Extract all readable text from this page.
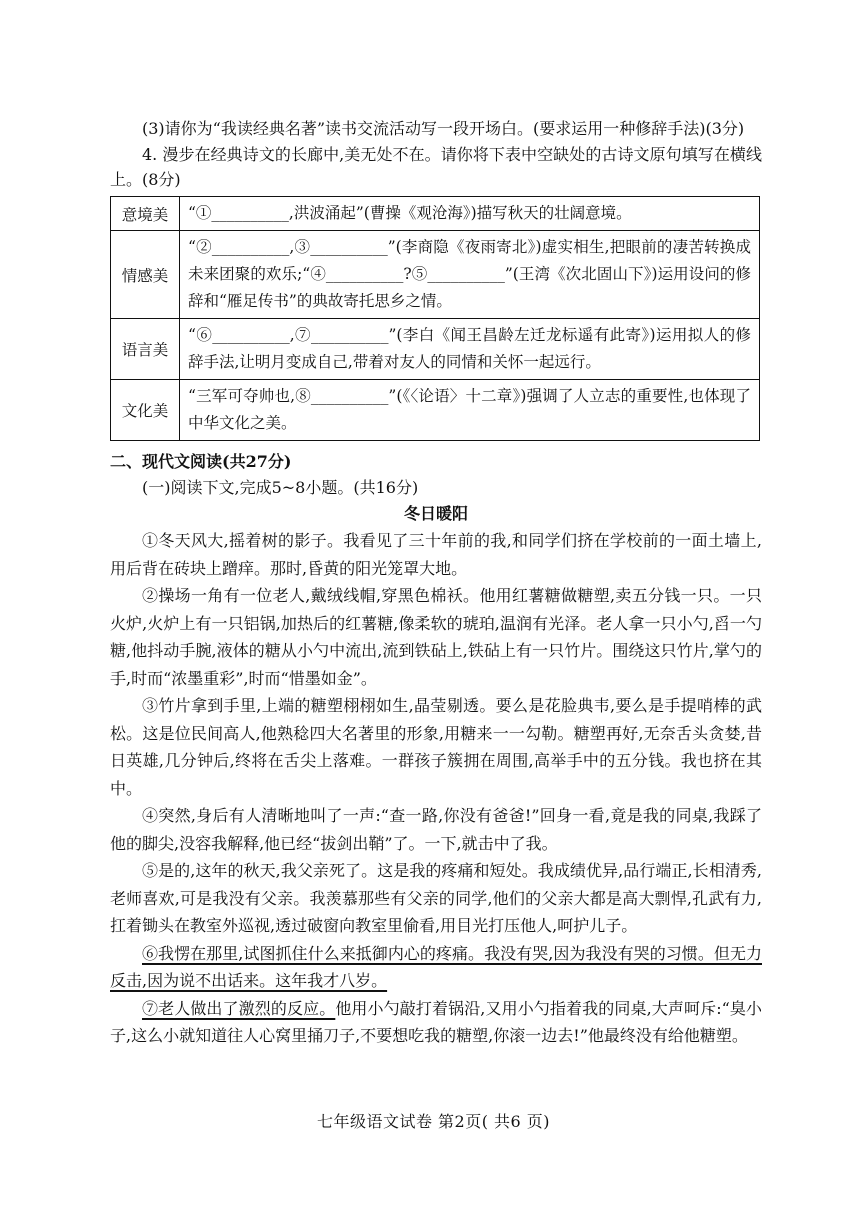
(3)请你为“我读经典名著”读书交流活动写一段开场白。(要求运用一种修辞手法)(3分)

4. 漫步在经典诗文的长廊中,美无处不在。请你将下表中空缺处的古诗文原句填写在横线上。(8分)

意境美	“①__________,洪波涌起”(曹操《观沧海》)描写秋天的壮阔意境。
情感美	“②__________,③__________”(李商隐《夜雨寄北》)虚实相生,把眼前的凄苦转换成未来团聚的欢乐;“④__________?⑤__________”(王湾《次北固山下》)运用设问的修辞和“雁足传书”的典故寄托思乡之情。
语言美	“⑥__________,⑦__________”(李白《闻王昌龄左迁龙标遥有此寄》)运用拟人的修辞手法,让明月变成自己,带着对友人的同情和关怀一起远行。
文化美	“三军可夺帅也,⑧__________”(《〈论语〉十二章》)强调了人立志的重要性,也体现了中华文化之美。
二、现代文阅读(共27分)
(一)阅读下文,完成5~8小题。(共16分)
冬日暖阳

①冬天风大,摇着树的影子。我看见了三十年前的我,和同学们挤在学校前的一面土墙上,用后背在砖块上蹭痒。那时,昏黄的阳光笼罩大地。

②操场一角有一位老人,戴绒线帽,穿黑色棉袄。他用红薯糖做糖塑,卖五分钱一只。一只火炉,火炉上有一只铝锅,加热后的红薯糖,像柔软的琥珀,温润有光泽。老人拿一只小勺,舀一勺糖,他抖动手腕,液体的糖从小勺中流出,流到铁砧上,铁砧上有一只竹片。围绕这只竹片,掌勺的手,时而“浓墨重彩”,时而“惜墨如金”。

③竹片拿到手里,上端的糖塑栩栩如生,晶莹剔透。要么是花脸典韦,要么是手提哨棒的武松。这是位民间高人,他熟稔四大名著里的形象,用糖来一一勾勒。糖塑再好,无奈舌头贪婪,昔日英雄,几分钟后,终将在舌尖上落难。一群孩子簇拥在周围,高举手中的五分钱。我也挤在其中。

④突然,身后有人清晰地叫了一声:“查一路,你没有爸爸!”回身一看,竟是我的同桌,我踩了他的脚尖,没容我解释,他已经“拔剑出鞘”了。一下,就击中了我。

⑤是的,这年的秋天,我父亲死了。这是我的疼痛和短处。我成绩优异,品行端正,长相清秀,老师喜欢,可是我没有父亲。我羡慕那些有父亲的同学,他们的父亲大都是高大剽悍,孔武有力,扛着锄头在教室外巡视,透过破窗向教室里偷看,用目光打压他人,呵护儿子。

⑥我愣在那里,试图抓住什么来抵御内心的疼痛。我没有哭,因为我没有哭的习惯。但无力反击,因为说不出话来。这年我才八岁。

⑦老人做出了激烈的反应。他用小勺敲打着锅沿,又用小勺指着我的同桌,大声呵斥:“臭小子,这么小就知道往人心窝里捅刀子,不要想吃我的糖塑,你滚一边去!”他最终没有给他糖塑。

七年级语文试卷 第2页( 共6 页)
